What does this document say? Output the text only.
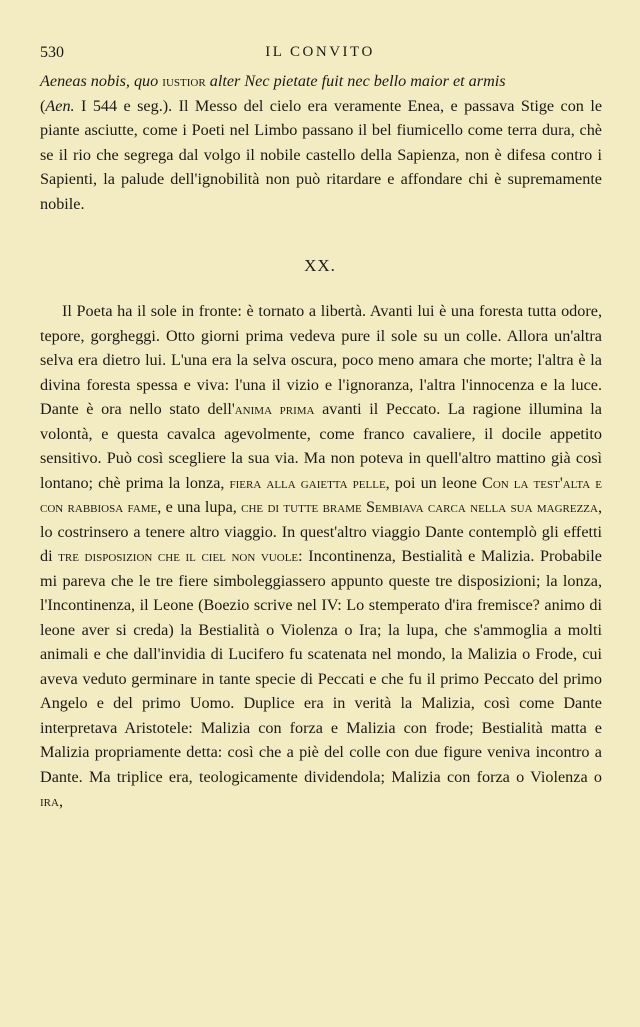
530	IL CONVITO

Aeneas nobis, quo iustior alter Nec pietate fuit nec bello maior et armis
(Aen. I 544 e seg.). Il Messo del cielo era veramente Enea, e passava Stige con le piante asciutte, come i Poeti nel Limbo passano il bel fiumicello come terra dura, chè se il rio che segrega dal volgo il nobile castello della Sapienza, non è difesa contro i Sapienti, la palude dell'ignobilità non può ritardare e affondare chi è supremamente nobile.

XX.

Il Poeta ha il sole in fronte: è tornato a libertà. Avanti lui è una foresta tutta odore, tepore, gorgheggi. Otto giorni prima vedeva pure il sole su un colle. Allora un'altra selva era dietro lui. L'una era la selva oscura, poco meno amara che morte; l'altra è la divina foresta spessa e viva: l'una il vizio e l'ignoranza, l'altra l'innocenza e la luce. Dante è ora nello stato dell'anima prima avanti il Peccato. La ragione illumina la volontà, e questa cavalca agevolmente, come franco cavaliere, il docile appetito sensitivo. Può così scegliere la sua via. Ma non poteva in quell'altro mattino già così lontano; chè prima la lonza, fiera alla gaietta pelle, poi un leone Con la test'alta e con rabbiosa fame, e una lupa, che di tutte brame Sembiava carca nella sua magrezza, lo costrinsero a tenere altro viaggio. In quest'altro viaggio Dante contemplò gli effetti di tre disposizion che il ciel non vuole: Incontinenza, Bestialità e Malizia. Probabile mi pareva che le tre fiere simboleggiassero appunto queste tre disposizioni; la lonza, l'Incontinenza, il Leone (Boezio scrive nel IV: Lo stemperato d'ira fremisce? animo di leone aver si creda) la Bestialità o Violenza o Ira; la lupa, che s'ammoglia a molti animali e che dall'invidia di Lucifero fu scatenata nel mondo, la Malizia o Frode, cui aveva veduto germinare in tante specie di Peccati e che fu il primo Peccato del primo Angelo e del primo Uomo. Duplice era in verità la Malizia, così come Dante interpretava Aristotele: Malizia con forza e Malizia con frode; Bestialità matta e Malizia propriamente detta: così che a piè del colle con due figure veniva incontro a Dante. Ma triplice era, teologicamente dividendola; Malizia con forza o Violenza o ira,
